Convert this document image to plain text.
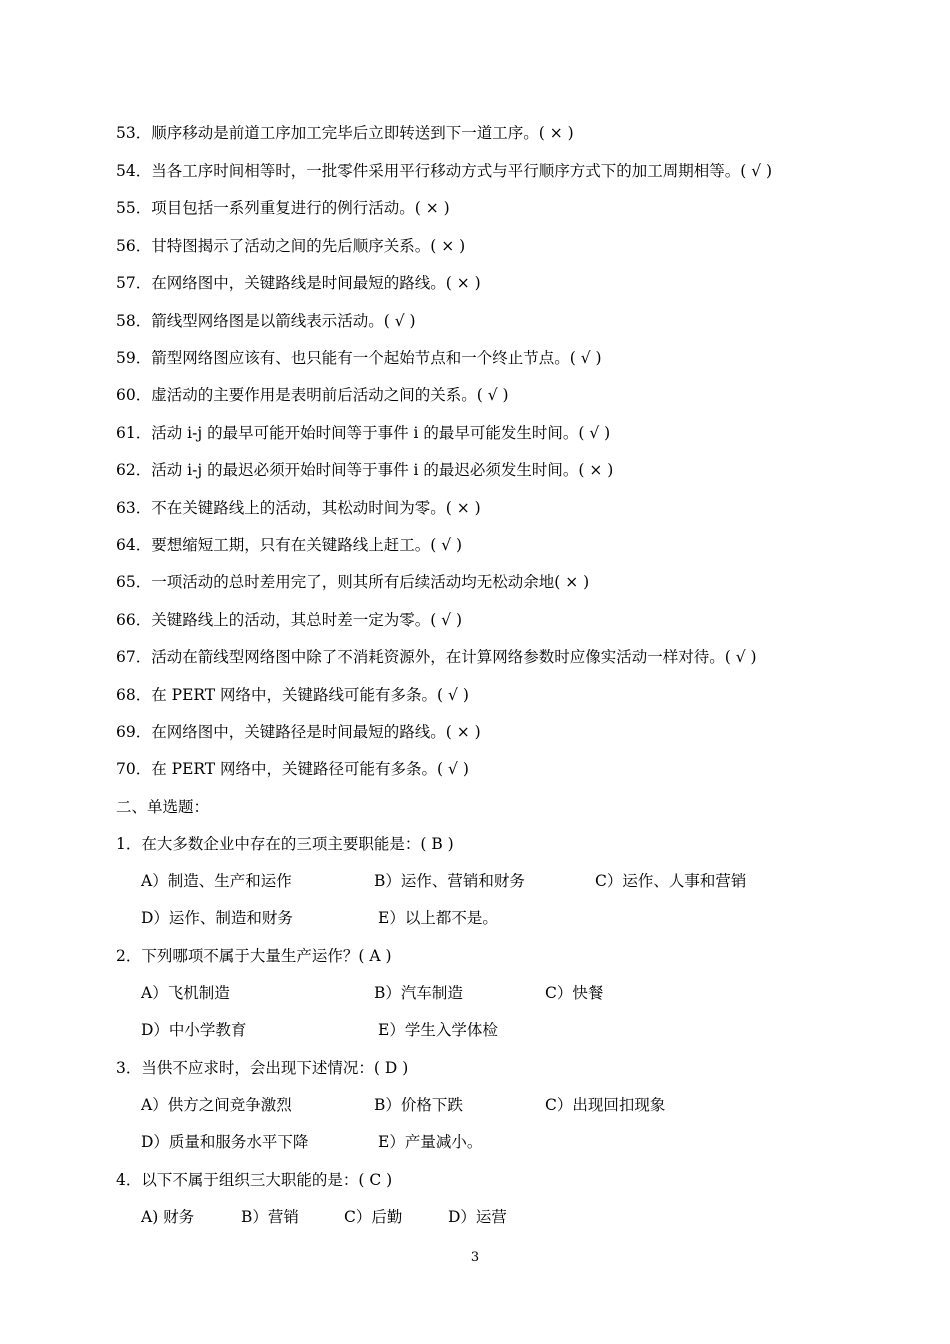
53．顺序移动是前道工序加工完毕后立即转送到下一道工序。( × )
54．当各工序时间相等时，一批零件采用平行移动方式与平行顺序方式下的加工周期相等。( √ )
55．项目包括一系列重复进行的例行活动。( × )
56．甘特图揭示了活动之间的先后顺序关系。( × )
57．在网络图中，关键路线是时间最短的路线。( × )
58．箭线型网络图是以箭线表示活动。( √ )
59．箭型网络图应该有、也只能有一个起始节点和一个终止节点。( √ )
60．虚活动的主要作用是表明前后活动之间的关系。( √ )
61．活动 i-j 的最早可能开始时间等于事件 i 的最早可能发生时间。( √ )
62．活动 i-j 的最迟必须开始时间等于事件 i 的最迟必须发生时间。( × )
63．不在关键路线上的活动，其松动时间为零。( × )
64．要想缩短工期，只有在关键路线上赶工。( √ )
65．一项活动的总时差用完了，则其所有后续活动均无松动余地( × )
66．关键路线上的活动，其总时差一定为零。( √ )
67．活动在箭线型网络图中除了不消耗资源外，在计算网络参数时应像实活动一样对待。( √ )
68．在 PERT 网络中，关键路线可能有多条。( √ )
69．在网络图中，关键路径是时间最短的路线。( × )
70．在 PERT 网络中，关键路径可能有多条。( √ )
二、单选题：
1．在大多数企业中存在的三项主要职能是：( B )
A）制造、生产和运作	B）运作、营销和财务	C）运作、人事和营销
D）运作、制造和财务	E）以上都不是。
2．下列哪项不属于大量生产运作？( A )
A）飞机制造	B）汽车制造	C）快餐
D）中小学教育	E）学生入学体检
3．当供不应求时，会出现下述情况：( D )
A）供方之间竞争激烈	B）价格下跌	C）出现回扣现象
D）质量和服务水平下降	E）产量减小。
4．以下不属于组织三大职能的是：( C )
A) 财务	B）营销	C）后勤	D）运营
3
